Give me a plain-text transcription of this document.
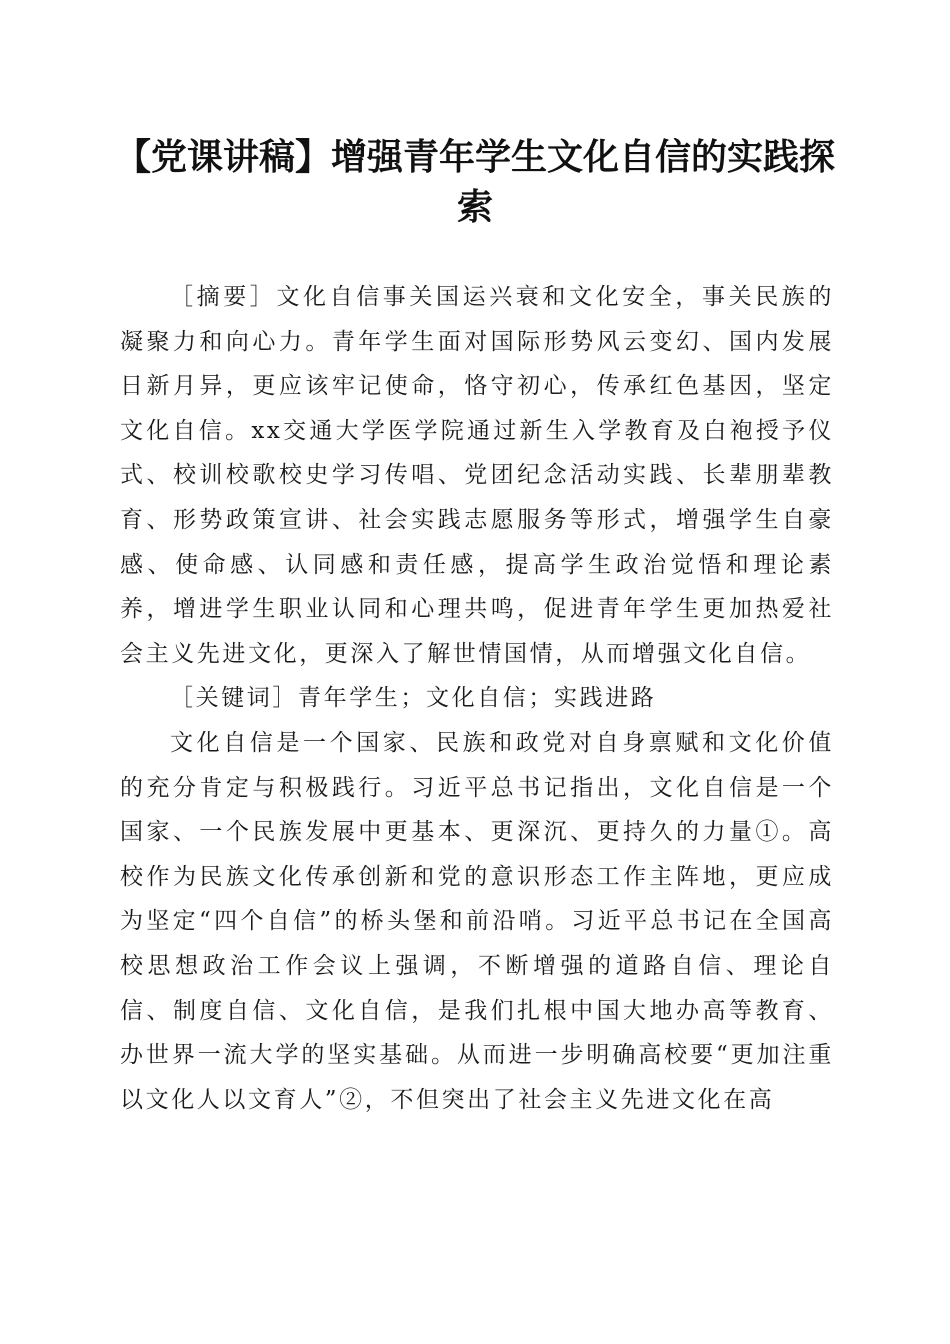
【党课讲稿】增强青年学生文化自信的实践探索

［摘要］文化自信事关国运兴衰和文化安全，事关民族的凝聚力和向心力。青年学生面对国际形势风云变幻、国内发展日新月异，更应该牢记使命，恪守初心，传承红色基因，坚定文化自信。xx交通大学医学院通过新生入学教育及白袍授予仪式、校训校歌校史学习传唱、党团纪念活动实践、长辈朋辈教育、形势政策宣讲、社会实践志愿服务等形式，增强学生自豪感、使命感、认同感和责任感，提高学生政治觉悟和理论素养，增进学生职业认同和心理共鸣，促进青年学生更加热爱社会主义先进文化，更深入了解世情国情，从而增强文化自信。

［关键词］青年学生；文化自信；实践进路

文化自信是一个国家、民族和政党对自身禀赋和文化价值的充分肯定与积极践行。习近平总书记指出，文化自信是一个国家、一个民族发展中更基本、更深沉、更持久的力量①。高校作为民族文化传承创新和党的意识形态工作主阵地，更应成为坚定“四个自信”的桥头堡和前沿哨。习近平总书记在全国高校思想政治工作会议上强调，不断增强的道路自信、理论自信、制度自信、文化自信，是我们扎根中国大地办高等教育、办世界一流大学的坚实基础。从而进一步明确高校要“更加注重以文化人以文育人”②，不但突出了社会主义先进文化在高
